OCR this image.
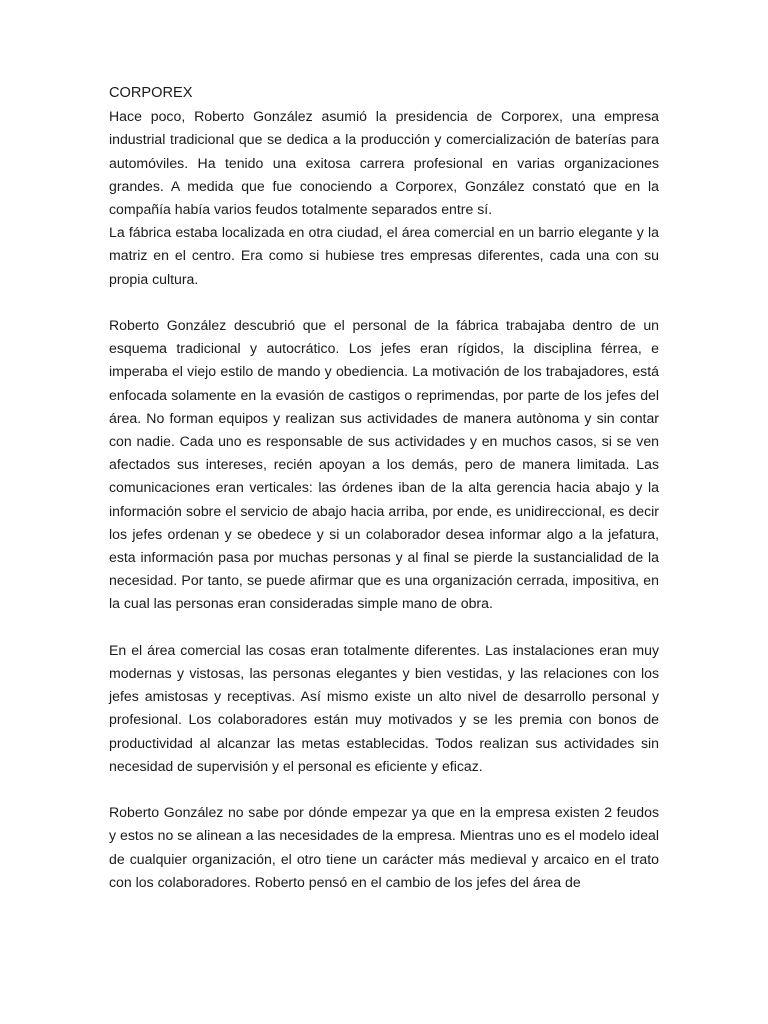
CORPOREX

Hace poco, Roberto González asumió la presidencia de Corporex, una empresa industrial tradicional que se dedica a la producción y comercialización de baterías para automóviles. Ha tenido una exitosa carrera profesional en varias organizaciones grandes. A medida que fue conociendo a Corporex, González constató que en la compañía había varios feudos totalmente separados entre sí.

La fábrica estaba localizada en otra ciudad, el área comercial en un barrio elegante y la matriz en el centro. Era como si hubiese tres empresas diferentes, cada una con su propia cultura.

Roberto González descubrió que el personal de la fábrica trabajaba dentro de un esquema tradicional y autocrático. Los jefes eran rígidos, la disciplina férrea, e imperaba el viejo estilo de mando y obediencia. La motivación de los trabajadores, está enfocada solamente en la evasión de castigos o reprimendas, por parte de los jefes del área. No forman equipos y realizan sus actividades de manera autònoma y sin contar con nadie. Cada uno es responsable de sus actividades y en muchos casos, si se ven afectados sus intereses, recién apoyan a los demás, pero de manera limitada. Las comunicaciones eran verticales: las órdenes iban de la alta gerencia hacia abajo y la información sobre el servicio de abajo hacia arriba, por ende, es unidireccional, es decir los jefes ordenan y se obedece y si un colaborador desea informar algo a la jefatura, esta información pasa por muchas personas y al final se pierde la sustancialidad de la necesidad. Por tanto, se puede afirmar que es una organización cerrada, impositiva, en la cual las personas eran consideradas simple mano de obra.

En el área comercial las cosas eran totalmente diferentes. Las instalaciones eran muy modernas y vistosas, las personas elegantes y bien vestidas, y las relaciones con los jefes amistosas y receptivas. Así mismo existe un alto nivel de desarrollo personal y profesional. Los colaboradores están muy motivados y se les premia con bonos de productividad al alcanzar las metas establecidas. Todos realizan sus actividades sin necesidad de supervisión y el personal es eficiente y eficaz.

Roberto González no sabe por dónde empezar ya que en la empresa existen 2 feudos y estos no se alinean a las necesidades de la empresa. Mientras uno es el modelo ideal de cualquier organización, el otro tiene un carácter más medieval y arcaico en el trato con los colaboradores. Roberto pensó en el cambio de los jefes del área de
